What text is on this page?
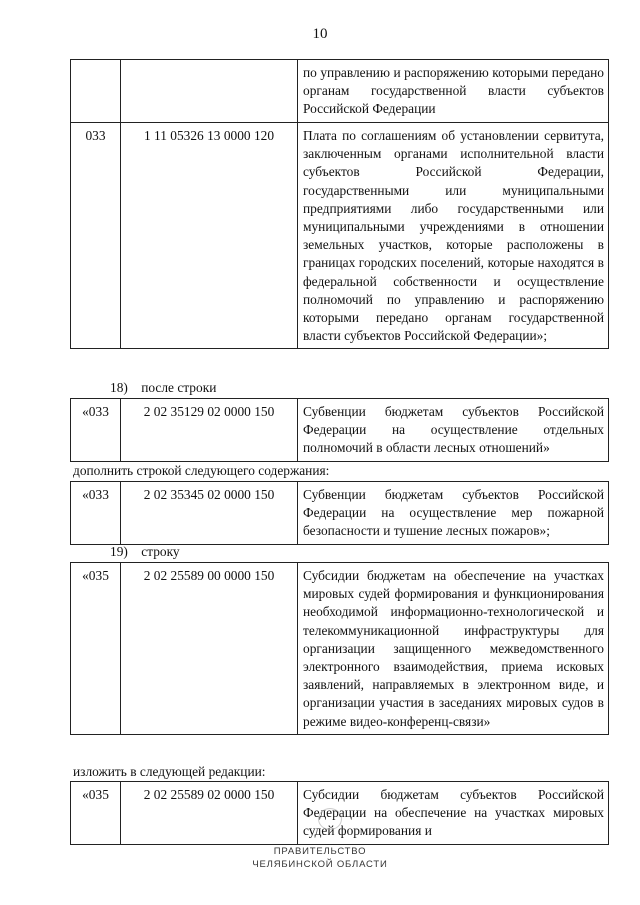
10
		по управлению и распоряжению которыми передано органам государственной власти субъектов Российской Федерации
033	1 11 05326 13 0000 120	Плата по соглашениям об установлении сервитута, заключенным органами исполнительной власти субъектов Российской Федерации, государственными или муниципальными предприятиями либо государственными или муниципальными учреждениями в отношении земельных участков, которые расположены в границах городских поселений, которые находятся в федеральной собственности и осуществление полномочий по управлению и распоряжению которыми передано органам государственной власти субъектов Российской Федерации»;
18)    после строки
«033	2 02 35129 02 0000 150	Субвенции бюджетам субъектов Российской Федерации на осуществление отдельных полномочий в области лесных отношений»
дополнить строкой следующего содержания:
«033	2 02 35345 02 0000 150	Субвенции бюджетам субъектов Российской Федерации на осуществление мер пожарной безопасности и тушение лесных пожаров»;
19)    строку
«035	2 02 25589 00 0000 150	Субсидии бюджетам на обеспечение на участках мировых судей формирования и функционирования необходимой информационно-технологической и телекоммуникационной инфраструктуры для организации защищенного межведомственного электронного взаимодействия, приема исковых заявлений, направляемых в электронном виде, и организации участия в заседаниях мировых судов в режиме видео-конференц-связи»
изложить в следующей редакции:
«035	2 02 25589 02 0000 150	Субсидии бюджетам субъектов Российской Федерации на обеспечение на участках мировых судей формирования и
ПРАВИТЕЛЬСТВО
ЧЕЛЯБИНСКОЙ ОБЛАСТИ
